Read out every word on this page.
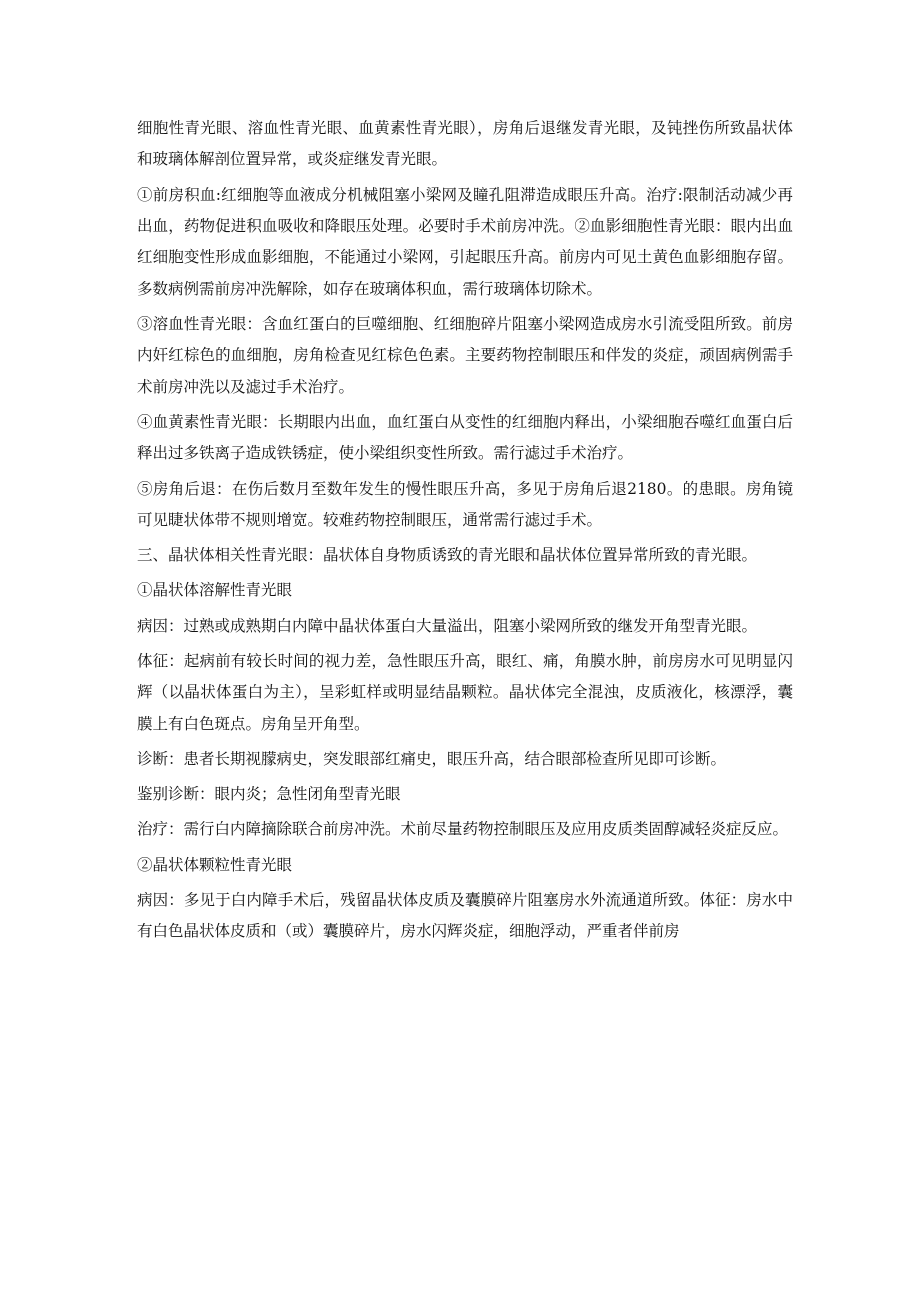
细胞性青光眼、溶血性青光眼、血黄素性青光眼），房角后退继发青光眼，及钝挫伤所致晶状体和玻璃体解剖位置异常，或炎症继发青光眼。

①前房积血:红细胞等血液成分机械阻塞小梁网及瞳孔阻滞造成眼压升高。治疗:限制活动减少再出血，药物促进积血吸收和降眼压处理。必要时手术前房冲洗。②血影细胞性青光眼：眼内出血红细胞变性形成血影细胞，不能通过小梁网，引起眼压升高。前房内可见土黄色血影细胞存留。多数病例需前房冲洗解除，如存在玻璃体积血，需行玻璃体切除术。

③溶血性青光眼：含血红蛋白的巨噬细胞、红细胞碎片阻塞小梁网造成房水引流受阻所致。前房内奸红棕色的血细胞，房角检查见红棕色色素。主要药物控制眼压和伴发的炎症，顽固病例需手术前房冲洗以及滤过手术治疗。

④血黄素性青光眼：长期眼内出血，血红蛋白从变性的红细胞内释出，小梁细胞吞噬红血蛋白后释出过多铁离子造成铁锈症，使小梁组织变性所致。需行滤过手术治疗。

⑤房角后退：在伤后数月至数年发生的慢性眼压升高，多见于房角后退2180。的患眼。房角镜可见睫状体带不规则增宽。较难药物控制眼压，通常需行滤过手术。

三、晶状体相关性青光眼：晶状体自身物质诱致的青光眼和晶状体位置异常所致的青光眼。

①晶状体溶解性青光眼

病因：过熟或成熟期白内障中晶状体蛋白大量溢出，阻塞小梁网所致的继发开角型青光眼。

体征：起病前有较长时间的视力差，急性眼压升高，眼红、痛，角膜水肿，前房房水可见明显闪辉（以晶状体蛋白为主），呈彩虹样或明显结晶颗粒。晶状体完全混浊，皮质液化，核漂浮，囊膜上有白色斑点。房角呈开角型。

诊断：患者长期视朦病史，突发眼部红痛史，眼压升高，结合眼部检查所见即可诊断。

鉴别诊断：眼内炎；急性闭角型青光眼

治疗：需行白内障摘除联合前房冲洗。术前尽量药物控制眼压及应用皮质类固醇减轻炎症反应。

②晶状体颗粒性青光眼

病因：多见于白内障手术后，残留晶状体皮质及囊膜碎片阻塞房水外流通道所致。体征：房水中有白色晶状体皮质和（或）囊膜碎片，房水闪辉炎症，细胞浮动，严重者伴前房
